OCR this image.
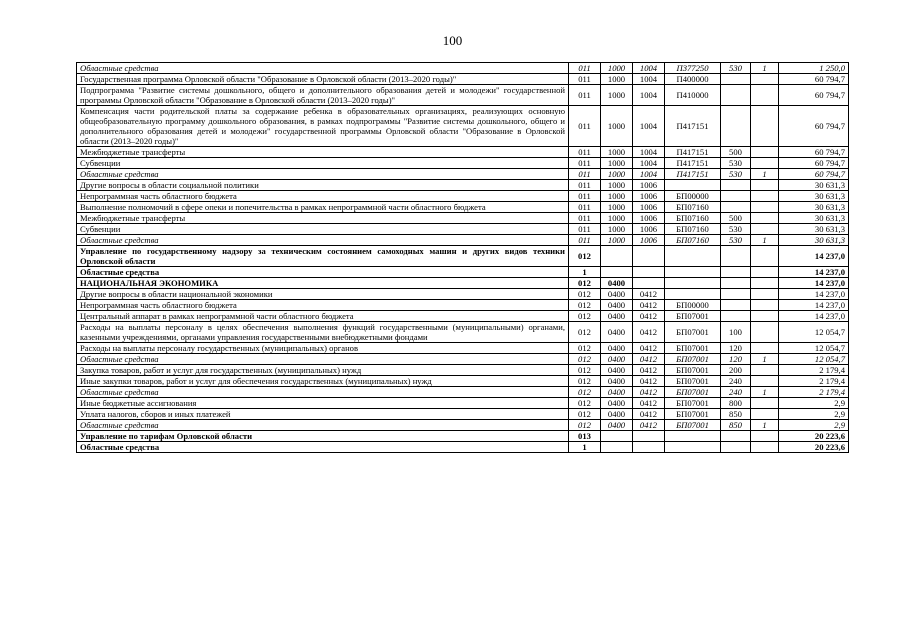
100
Областные средства	011	1000	1004	П377250	530	1	1 250,0
Государственная программа Орловской области "Образование в Орловской области (2013–2020 годы)"	011	1000	1004	П400000			60 794,7
Подпрограмма "Развитие системы дошкольного, общего и дополнительного образования детей и молодежи" государственной программы Орловской области "Образование в Орловской области (2013–2020 годы)"	011	1000	1004	П410000			60 794,7
Компенсация части родительской платы за содержание ребенка в образовательных организациях, реализующих основную общеобразовательную программу дошкольного образования, в рамках подпрограммы "Развитие системы дошкольного, общего и дополнительного образования детей и молодежи" государственной программы Орловской области "Образование в Орловской области (2013–2020 годы)"	011	1000	1004	П417151			60 794,7
Межбюджетные трансферты	011	1000	1004	П417151	500		60 794,7
Субвенции	011	1000	1004	П417151	530		60 794,7
Областные средства	011	1000	1004	П417151	530	1	60 794,7
Другие вопросы в области социальной политики	011	1000	1006				30 631,3
Непрограммная часть областного бюджета	011	1000	1006	БП00000			30 631,3
Выполнение полномочий в сфере опеки и попечительства в рамках непрограммной части областного бюджета	011	1000	1006	БП07160			30 631,3
Межбюджетные трансферты	011	1000	1006	БП07160	500		30 631,3
Субвенции	011	1000	1006	БП07160	530		30 631,3
Областные средства	011	1000	1006	БП07160	530	1	30 631,3
Управление по государственному надзору за техническим состоянием самоходных машин и других видов техники Орловской области	012						14 237,0
Областные средства	1						14 237,0
НАЦИОНАЛЬНАЯ ЭКОНОМИКА	012	0400					14 237,0
Другие вопросы в области национальной экономики	012	0400	0412				14 237,0
Непрограммная часть областного бюджета	012	0400	0412	БП00000			14 237,0
Центральный аппарат в рамках непрограммной части областного бюджета	012	0400	0412	БП07001			14 237,0
Расходы на выплаты персоналу в целях обеспечения выполнения функций государственными (муниципальными) органами, казенными учреждениями, органами управления государственными внебюджетными фондами	012	0400	0412	БП07001	100		12 054,7
Расходы на выплаты персоналу государственных (муниципальных) органов	012	0400	0412	БП07001	120		12 054,7
Областные средства	012	0400	0412	БП07001	120	1	12 054,7
Закупка товаров, работ и услуг для государственных (муниципальных) нужд	012	0400	0412	БП07001	200		2 179,4
Иные закупки товаров, работ и услуг для обеспечения государственных (муниципальных) нужд	012	0400	0412	БП07001	240		2 179,4
Областные средства	012	0400	0412	БП07001	240	1	2 179,4
Иные бюджетные ассигнования	012	0400	0412	БП07001	800		2,9
Уплата налогов, сборов и иных платежей	012	0400	0412	БП07001	850		2,9
Областные средства	012	0400	0412	БП07001	850	1	2,9
Управление по тарифам Орловской области	013						20 223,6
Областные средства	1						20 223,6
